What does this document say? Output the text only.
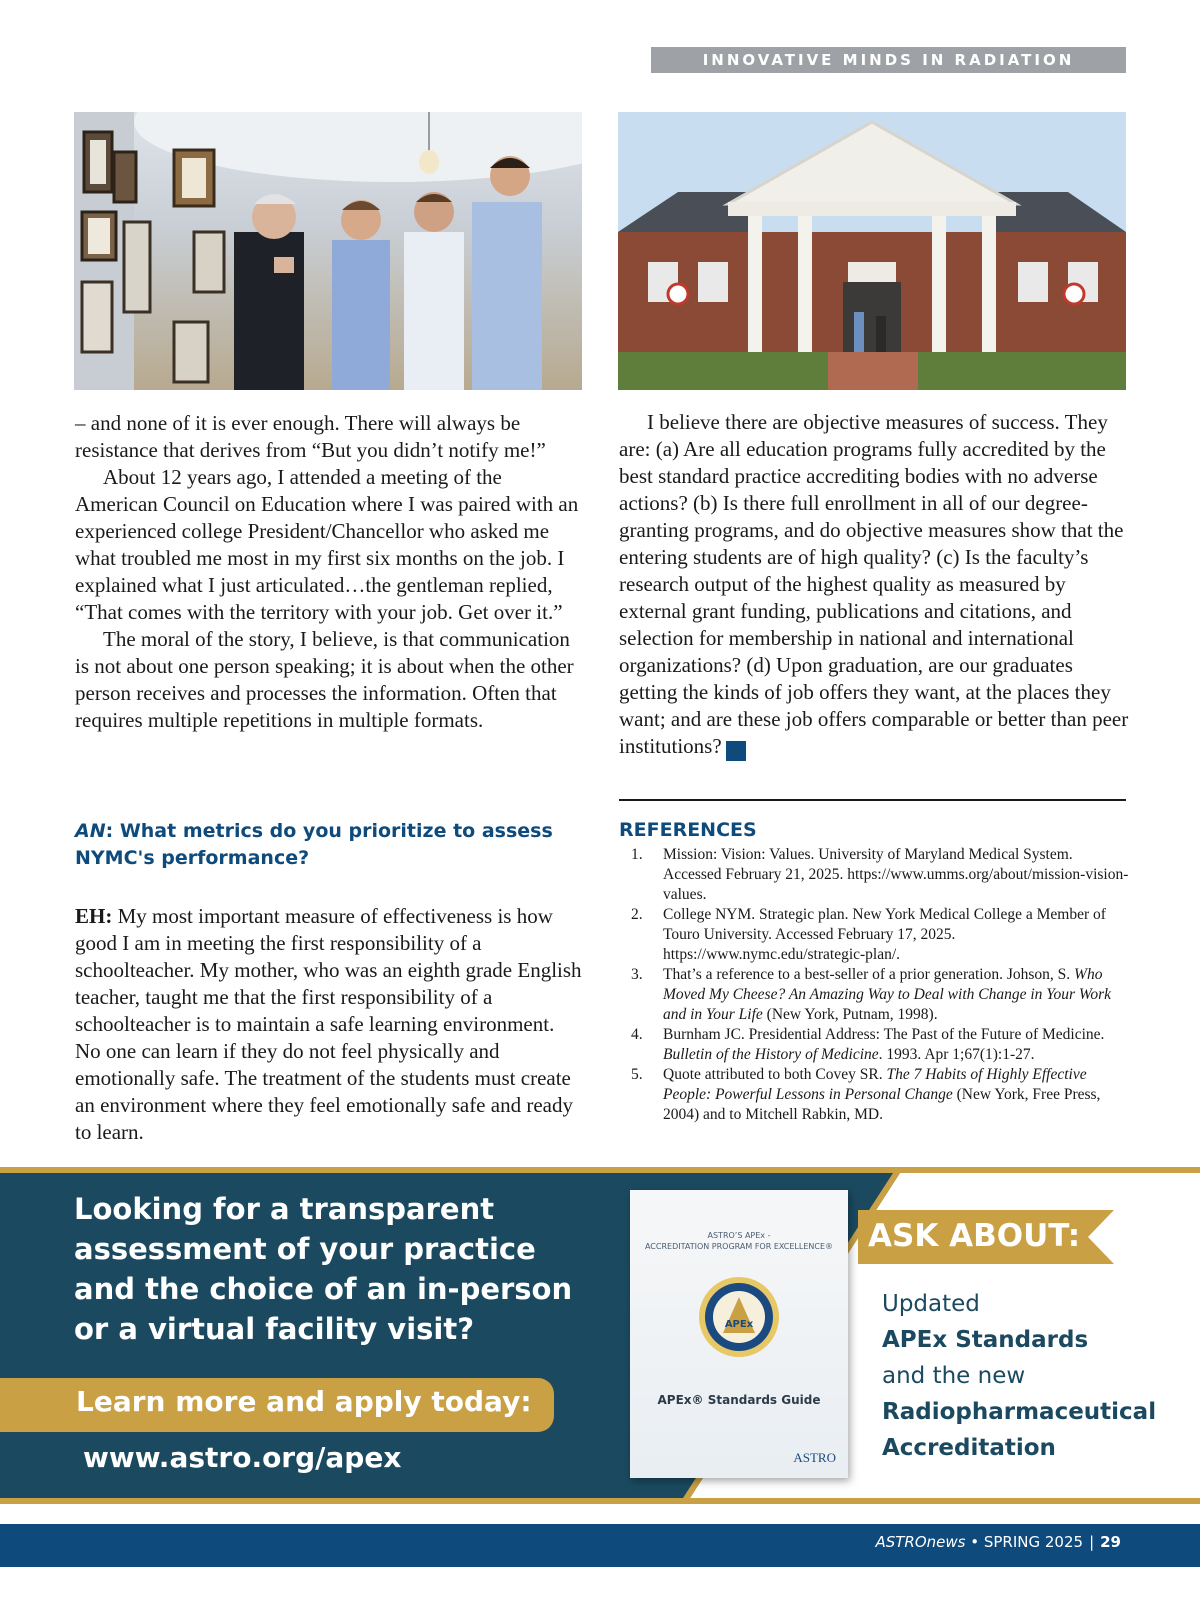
INNOVATIVE MINDS IN RADIATION ONCOLOGY

– and none of it is ever enough. There will always be resistance that derives from “But you didn’t notify me!”

About 12 years ago, I attended a meeting of the American Council on Education where I was paired with an experienced college President/Chancellor who asked me what troubled me most in my first six months on the job. I explained what I just articulated…the gentleman replied, “That comes with the territory with your job. Get over it.”

The moral of the story, I believe, is that communication is not about one person speaking; it is about when the other person receives and processes the information. Often that requires multiple repetitions in multiple formats.

AN: What metrics do you prioritize to assess NYMC's performance?
EH: My most important measure of effectiveness is how good I am in meeting the first responsibility of a schoolteacher. My mother, who was an eighth grade English teacher, taught me that the first responsibility of a schoolteacher is to maintain a safe learning environment. No one can learn if they do not feel physically and emotionally safe. The treatment of the students must create an environment where they feel emotionally safe and ready to learn.

I believe there are objective measures of success. They are: (a) Are all education programs fully accredited by the best standard practice accrediting bodies with no adverse actions? (b) Is there full enrollment in all of our degree-granting programs, and do objective measures show that the entering students are of high quality? (c) Is the faculty’s research output of the highest quality as measured by external grant funding, publications and citations, and selection for membership in national and international organizations? (d) Upon graduation, are our graduates getting the kinds of job offers they want, at the places they want; and are these job offers comparable or better than peer institutions? A

REFERENCES
1. Mission: Vision: Values. University of Maryland Medical System. Accessed February 21, 2025. https://www.umms.org/about/mission-vision-values.
2. College NYM. Strategic plan. New York Medical College a Member of Touro University. Accessed February 17, 2025. https://www.nymc.edu/strategic-plan/.
3. That’s a reference to a best-seller of a prior generation. Johson, S. Who Moved My Cheese? An Amazing Way to Deal with Change in Your Work and in Your Life (New York, Putnam, 1998).
4. Burnham JC. Presidential Address: The Past of the Future of Medicine. Bulletin of the History of Medicine. 1993. Apr 1;67(1):1-27.
5. Quote attributed to both Covey SR. The 7 Habits of Highly Effective People: Powerful Lessons in Personal Change (New York, Free Press, 2004) and to Mitchell Rabkin, MD.
Looking for a transparent assessment of your practice and the choice of an in-person or a virtual facility visit?
Learn more and apply today:
www.astro.org/apex
ASTRO’S APEx -
ACCREDITATION PROGRAM FOR EXCELLENCE®
APEx
APEx® Standards Guide
ASTRO
ASK ABOUT:
Updated
APEx Standards
and the new
Radiopharmaceutical
Accreditation
ASTROnews • SPRING 2025 | 29
